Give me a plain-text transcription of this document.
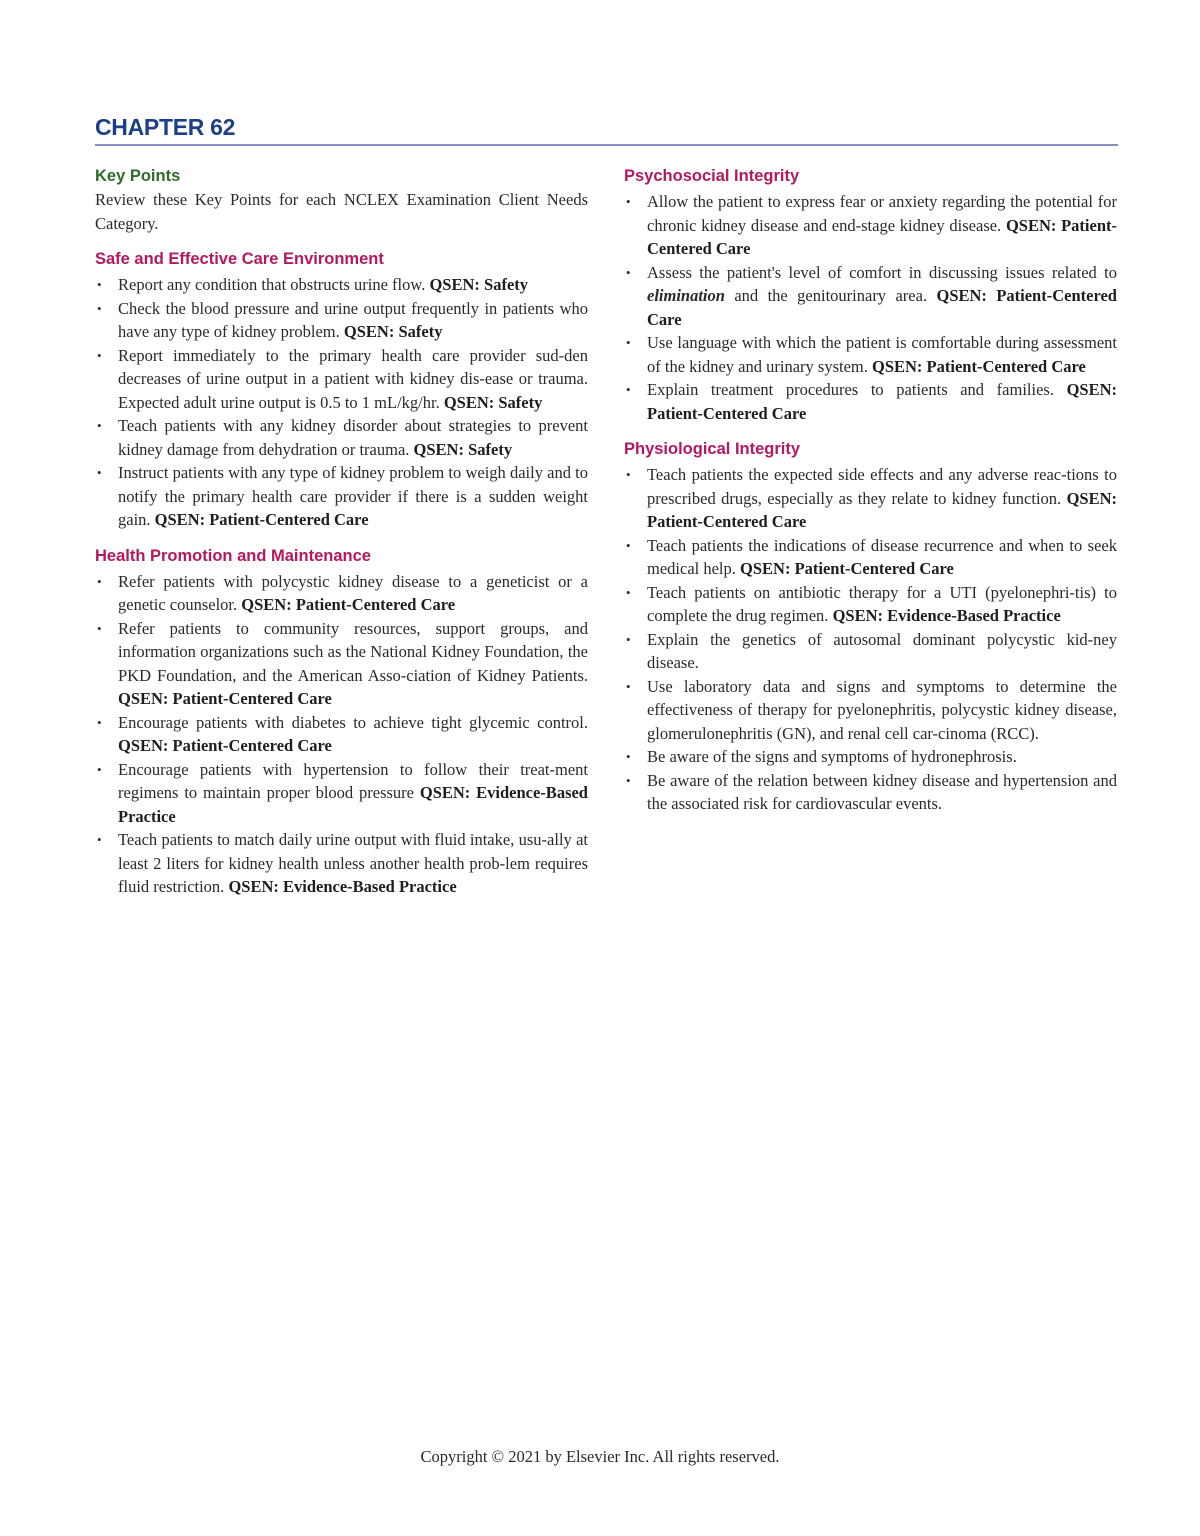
CHAPTER 62
Key Points

Review these Key Points for each NCLEX Examination Client Needs Category.

Safe and Effective Care Environment
• Report any condition that obstructs urine flow. QSEN: Safety
• Check the blood pressure and urine output frequently in patients who have any type of kidney problem. QSEN: Safety
• Report immediately to the primary health care provider sud-den decreases of urine output in a patient with kidney dis-ease or trauma. Expected adult urine output is 0.5 to 1 mL/kg/hr. QSEN: Safety
• Teach patients with any kidney disorder about strategies to prevent kidney damage from dehydration or trauma. QSEN: Safety
• Instruct patients with any type of kidney problem to weigh daily and to notify the primary health care provider if there is a sudden weight gain. QSEN: Patient-Centered Care
Health Promotion and Maintenance
• Refer patients with polycystic kidney disease to a geneticist or a genetic counselor. QSEN: Patient-Centered Care
• Refer patients to community resources, support groups, and information organizations such as the National Kidney Foundation, the PKD Foundation, and the American Asso-ciation of Kidney Patients. QSEN: Patient-Centered Care
• Encourage patients with diabetes to achieve tight glycemic control. QSEN: Patient-Centered Care
• Encourage patients with hypertension to follow their treat-ment regimens to maintain proper blood pressure QSEN: Evidence-Based Practice
• Teach patients to match daily urine output with fluid intake, usu-ally at least 2 liters for kidney health unless another health prob-lem requires fluid restriction. QSEN: Evidence-Based Practice
Psychosocial Integrity
• Allow the patient to express fear or anxiety regarding the potential for chronic kidney disease and end-stage kidney disease. QSEN: Patient-Centered Care
• Assess the patient's level of comfort in discussing issues related to elimination and the genitourinary area. QSEN: Patient-Centered Care
• Use language with which the patient is comfortable during assessment of the kidney and urinary system. QSEN: Patient-Centered Care
• Explain treatment procedures to patients and families. QSEN: Patient-Centered Care
Physiological Integrity
• Teach patients the expected side effects and any adverse reac-tions to prescribed drugs, especially as they relate to kidney function. QSEN: Patient-Centered Care
• Teach patients the indications of disease recurrence and when to seek medical help. QSEN: Patient-Centered Care
• Teach patients on antibiotic therapy for a UTI (pyelonephri-tis) to complete the drug regimen. QSEN: Evidence-Based Practice
• Explain the genetics of autosomal dominant polycystic kid-ney disease.
• Use laboratory data and signs and symptoms to determine the effectiveness of therapy for pyelonephritis, polycystic kidney disease, glomerulonephritis (GN), and renal cell car-cinoma (RCC).
• Be aware of the signs and symptoms of hydronephrosis.
• Be aware of the relation between kidney disease and hypertension and the associated risk for cardiovascular events.

Copyright © 2021 by Elsevier Inc. All rights reserved.
